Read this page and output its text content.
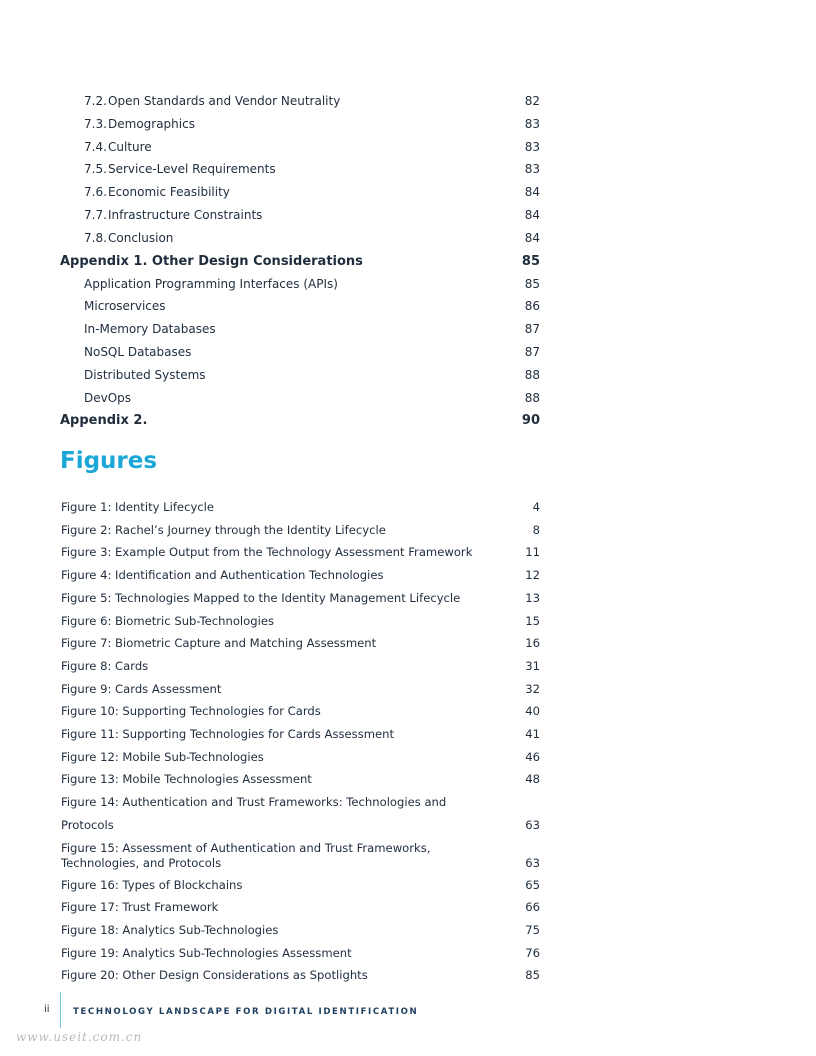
7.2.Open Standards and Vendor Neutrality	82
7.3.Demographics	83
7.4.Culture	83
7.5.Service-Level Requirements	83
7.6.Economic Feasibility	84
7.7.Infrastructure Constraints	84
7.8.Conclusion	84
Appendix 1. Other Design Considerations	85
Application Programming Interfaces (APIs)	85
Microservices	86
In-Memory Databases	87
NoSQL Databases	87
Distributed Systems	88
DevOps	88
Appendix 2.	90
Figures
Figure 1: Identity Lifecycle	4
Figure 2: Rachel’s Journey through the Identity Lifecycle	8
Figure 3: Example Output from the Technology Assessment Framework	11
Figure 4: Identification and Authentication Technologies	12
Figure 5: Technologies Mapped to the Identity Management Lifecycle	13
Figure 6: Biometric Sub-Technologies	15
Figure 7: Biometric Capture and Matching Assessment	16
Figure 8: Cards	31
Figure 9: Cards Assessment	32
Figure 10: Supporting Technologies for Cards	40
Figure 11: Supporting Technologies for Cards Assessment	41
Figure 12: Mobile Sub-Technologies	46
Figure 13: Mobile Technologies Assessment	48
Figure 14: Authentication and Trust Frameworks: Technologies and Protocols	63
Figure 15: Assessment of Authentication and Trust Frameworks, Technologies, and Protocols	63
Figure 16: Types of Blockchains	65
Figure 17: Trust Framework	66
Figure 18: Analytics Sub-Technologies	75
Figure 19: Analytics Sub-Technologies Assessment	76
Figure 20: Other Design Considerations as Spotlights	85
ii	TECHNOLOGY LANDSCAPE FOR DIGITAL IDENTIFICATION
www.useit.com.cn
